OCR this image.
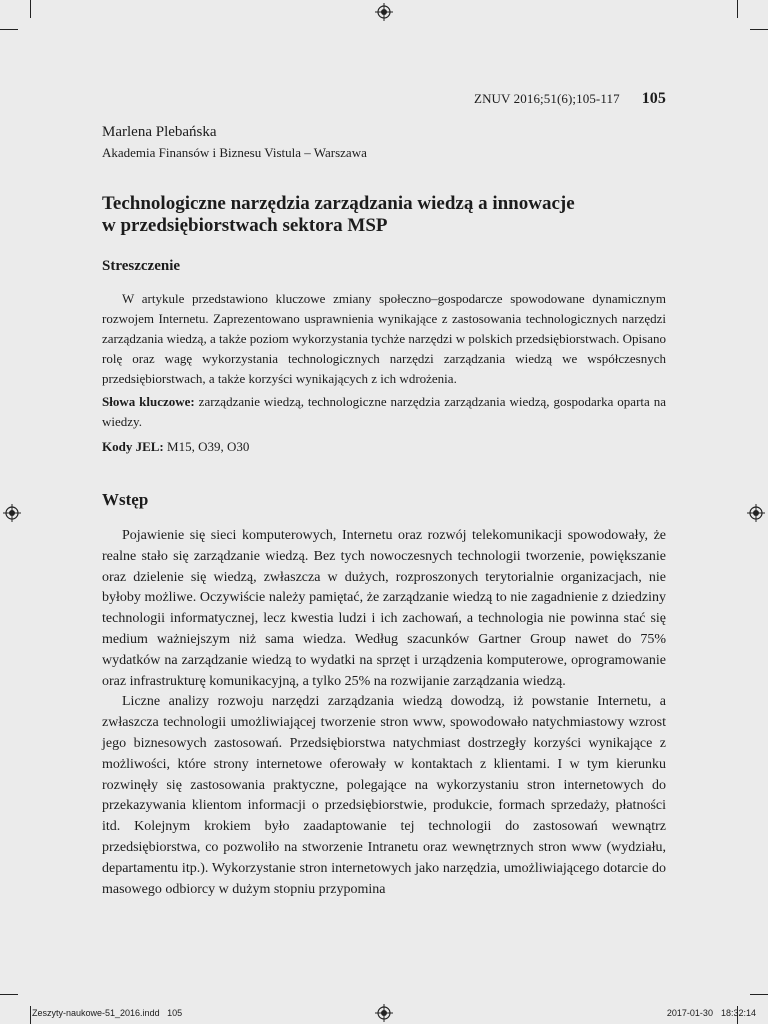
ZNUV 2016;51(6);105-117 105
Marlena Plebańska
Akademia Finansów i Biznesu Vistula – Warszawa
Technologiczne narzędzia zarządzania wiedzą a innowacje
w przedsiębiorstwach sektora MSP
Streszczenie

W artykule przedstawiono kluczowe zmiany społeczno–gospodarcze spowodowane dynamicznym rozwojem Internetu. Zaprezentowano usprawnienia wynikające z zastosowania technologicznych narzędzi zarządzania wiedzą, a także poziom wykorzystania tychże narzędzi w polskich przedsiębiorstwach. Opisano rolę oraz wagę wykorzystania technologicznych narzędzi zarządzania wiedzą we współczesnych przedsiębiorstwach, a także korzyści wynikających z ich wdrożenia.

Słowa kluczowe: zarządzanie wiedzą, technologiczne narzędzia zarządzania wiedzą, gospodarka oparta na wiedzy.

Kody JEL: M15, O39, O30

Wstęp

Pojawienie się sieci komputerowych, Internetu oraz rozwój telekomunikacji spowodowały, że realne stało się zarządzanie wiedzą. Bez tych nowoczesnych technologii tworzenie, powiększanie oraz dzielenie się wiedzą, zwłaszcza w dużych, rozproszonych terytorialnie organizacjach, nie byłoby możliwe. Oczywiście należy pamiętać, że zarządzanie wiedzą to nie zagadnienie z dziedziny technologii informatycznej, lecz kwestia ludzi i ich zachowań, a technologia nie powinna stać się medium ważniejszym niż sama wiedza. Według szacunków Gartner Group nawet do 75% wydatków na zarządzanie wiedzą to wydatki na sprzęt i urządzenia komputerowe, oprogramowanie oraz infrastrukturę komunikacyjną, a tylko 25% na rozwijanie zarządzania wiedzą.

Liczne analizy rozwoju narzędzi zarządzania wiedzą dowodzą, iż powstanie Internetu, a zwłaszcza technologii umożliwiającej tworzenie stron www, spowodowało natychmiastowy wzrost jego biznesowych zastosowań. Przedsiębiorstwa natychmiast dostrzegły korzyści wynikające z możliwości, które strony internetowe oferowały w kontaktach z klientami. I w tym kierunku rozwinęły się zastosowania praktyczne, polegające na wykorzystaniu stron internetowych do przekazywania klientom informacji o przedsiębiorstwie, produkcie, formach sprzedaży, płatności itd. Kolejnym krokiem było zaadaptowanie tej technologii do zastosowań wewnątrz przedsiębiorstwa, co pozwoliło na stworzenie Intranetu oraz wewnętrznych stron www (wydziału, departamentu itp.). Wykorzystanie stron internetowych jako narzędzia, umożliwiającego dotarcie do masowego odbiorcy w dużym stopniu przypomina

Zeszyty-naukowe-51_2016.indd   105	2017-01-30 18:32:14
